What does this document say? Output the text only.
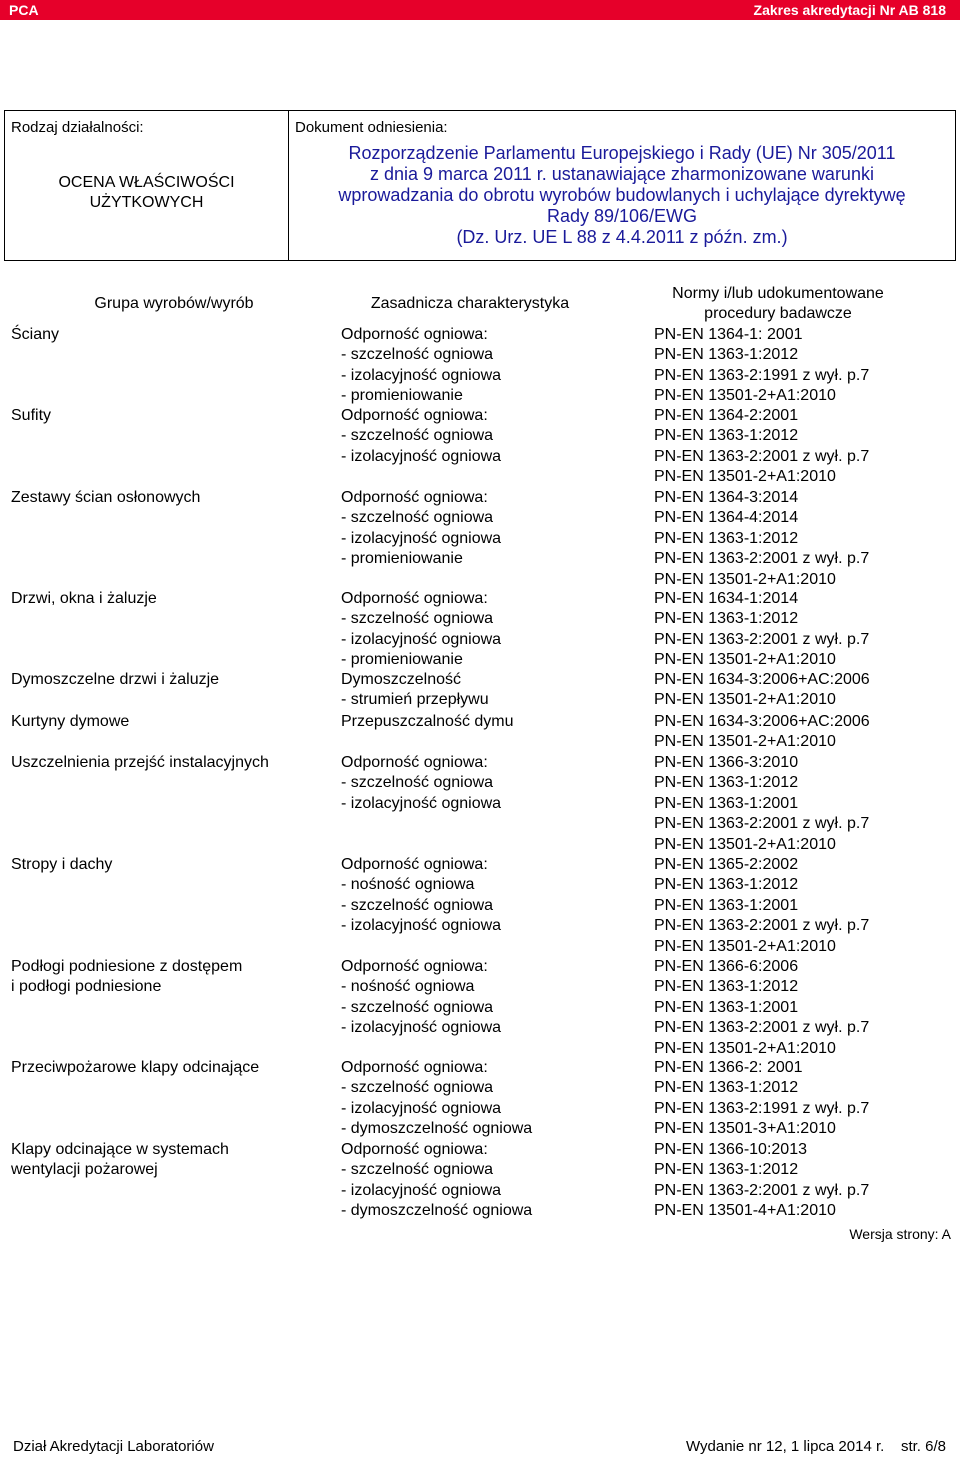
PCA	Zakres akredytacji Nr AB 818
Rodzaj działalności:
OCENA WŁAŚCIWOŚCI
UŻYTKOWYCH
Dokument odniesienia:
Rozporządzenie Parlamentu Europejskiego i Rady (UE) Nr 305/2011
z dnia 9 marca 2011 r. ustanawiające zharmonizowane warunki
wprowadzania do obrotu wyrobów budowlanych i uchylające dyrektywę
Rady 89/106/EWG
(Dz. Urz. UE L 88 z 4.4.2011 z późn. zm.)
Grupa wyrobów/wyrób	Zasadnicza charakterystyka
Normy i/lub udokumentowane
procedury badawcze
Ściany	Odporność ogniowa:
- szczelność ogniowa
- izolacyjność ogniowa
- promieniowanie
PN-EN 1364-1: 2001
PN-EN 1363-1:2012
PN-EN 1363-2:1991 z wył. p.7
PN-EN 13501-2+A1:2010
Sufity	Odporność ogniowa:
- szczelność ogniowa
- izolacyjność ogniowa
PN-EN 1364-2:2001
PN-EN 1363-1:2012
PN-EN 1363-2:2001 z wył. p.7
PN-EN 13501-2+A1:2010
Zestawy ścian osłonowych	Odporność ogniowa:
- szczelność ogniowa
- izolacyjność ogniowa
- promieniowanie
PN-EN 1364-3:2014
PN-EN 1364-4:2014
PN-EN 1363-1:2012
PN-EN 1363-2:2001 z wył. p.7
PN-EN 13501-2+A1:2010
Drzwi, okna i żaluzje	Odporność ogniowa:
- szczelność ogniowa
- izolacyjność ogniowa
- promieniowanie
PN-EN 1634-1:2014
PN-EN 1363-1:2012
PN-EN 1363-2:2001 z wył. p.7
PN-EN 13501-2+A1:2010
Dymoszczelne drzwi i żaluzje	Dymoszczelność
- strumień przepływu
PN-EN 1634-3:2006+AC:2006
PN-EN 13501-2+A1:2010
Kurtyny dymowe	Przepuszczalność dymu	PN-EN 1634-3:2006+AC:2006
PN-EN 13501-2+A1:2010
Uszczelnienia przejść instalacyjnych	Odporność ogniowa:
- szczelność ogniowa
- izolacyjność ogniowa
PN-EN 1366-3:2010
PN-EN 1363-1:2012
PN-EN 1363-1:2001
PN-EN 1363-2:2001 z wył. p.7
PN-EN 13501-2+A1:2010
Stropy i dachy	Odporność ogniowa:
- nośność ogniowa
- szczelność ogniowa
- izolacyjność ogniowa
PN-EN 1365-2:2002
PN-EN 1363-1:2012
PN-EN 1363-1:2001
PN-EN 1363-2:2001 z wył. p.7
PN-EN 13501-2+A1:2010
Podłogi podniesione z dostępem
i podłogi podniesione
Odporność ogniowa:
- nośność ogniowa
- szczelność ogniowa
- izolacyjność ogniowa
PN-EN 1366-6:2006
PN-EN 1363-1:2012
PN-EN 1363-1:2001
PN-EN 1363-2:2001 z wył. p.7
PN-EN 13501-2+A1:2010
Przeciwpożarowe klapy odcinające	Odporność ogniowa:
- szczelność ogniowa
- izolacyjność ogniowa
- dymoszczelność ogniowa
PN-EN 1366-2: 2001
PN-EN 1363-1:2012
PN-EN 1363-2:1991 z wył. p.7
PN-EN 13501-3+A1:2010
Klapy odcinające w systemach
wentylacji pożarowej
Odporność ogniowa:
- szczelność ogniowa
- izolacyjność ogniowa
- dymoszczelność ogniowa
PN-EN 1366-10:2013
PN-EN 1363-1:2012
PN-EN 1363-2:2001 z wył. p.7
PN-EN 13501-4+A1:2010
Wersja strony: A
Dział Akredytacji Laboratoriów	Wydanie nr 12, 1 lipca 2014 r.    str. 6/8
